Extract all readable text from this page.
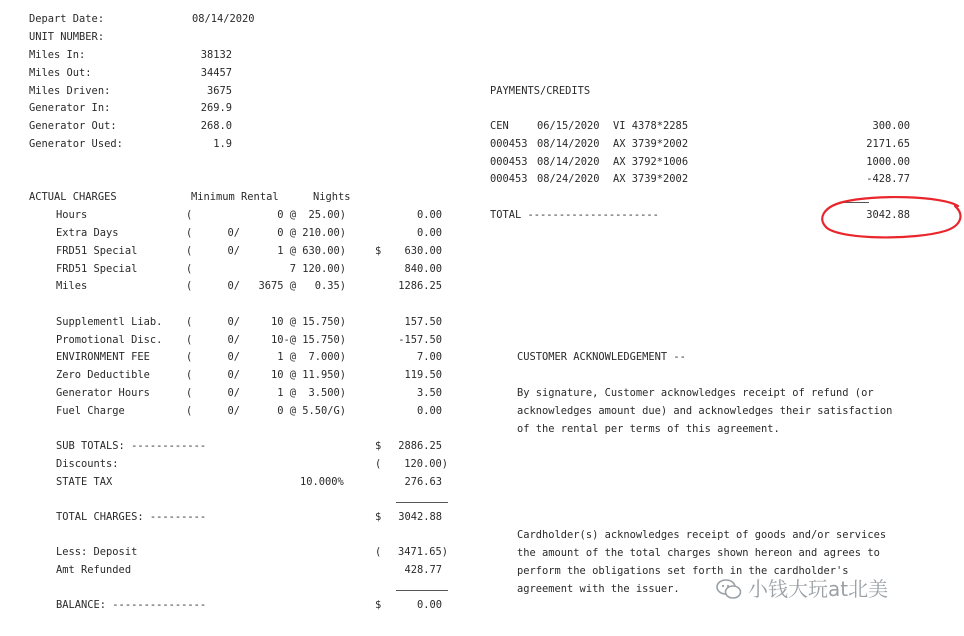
Depart Date:	08/14/2020
UNIT NUMBER:
Miles In:	38132
Miles Out:	34457
Miles Driven:	3675
Generator In:	269.9
Generator Out:	268.0
Generator Used:	1.9
ACTUAL CHARGES	Minimum Rental	Nights
Hours	(	0 @	25.00)	0.00
Extra Days	(	0/	0 @ 210.00)	0.00
FRD51 Special	(	0/	1 @ 630.00)	$	630.00
FRD51 Special	(	7 120.00)	840.00
Miles	(	0/	3675 @	0.35)	1286.25
Supplementl Liab. (	0/	10 @ 15.750)	157.50
Promotional Disc. (	0/	10-@ 15.750)	-157.50
ENVIRONMENT FEE	(	0/	1 @	7.000)	7.00
Zero Deductible	(	0/	10 @ 11.950)	119.50
Generator Hours	(	0/	1 @	3.500)	3.50
Fuel Charge	(	0/	0 @ 5.50/G)	0.00
SUB TOTALS: ------------	$	2886.25
Discounts:	(	120.00)
STATE TAX	10.000%	276.63
TOTAL CHARGES: ---------	$	3042.88
Less: Deposit	(	3471.65)
Amt Refunded	428.77
BALANCE: ---------------	$	0.00
PAYMENTS/CREDITS
CEN	06/15/2020 VI 4378*2285	300.00
000453 08/14/2020 AX 3739*2002	2171.65
000453 08/14/2020 AX 3792*1006	1000.00
000453 08/24/2020 AX 3739*2002	-428.77
TOTAL ---------------------	3042.88
CUSTOMER ACKNOWLEDGEMENT --
By signature, Customer acknowledges receipt of refund (or
acknowledges amount due) and acknowledges their satisfaction
of the rental per terms of this agreement.
Cardholder(s) acknowledges receipt of goods and/or services
the amount of the total charges shown hereon and agrees to
perform the obligations set forth in the cardholder's
agreement with the issuer.	小钱大玩at北美
